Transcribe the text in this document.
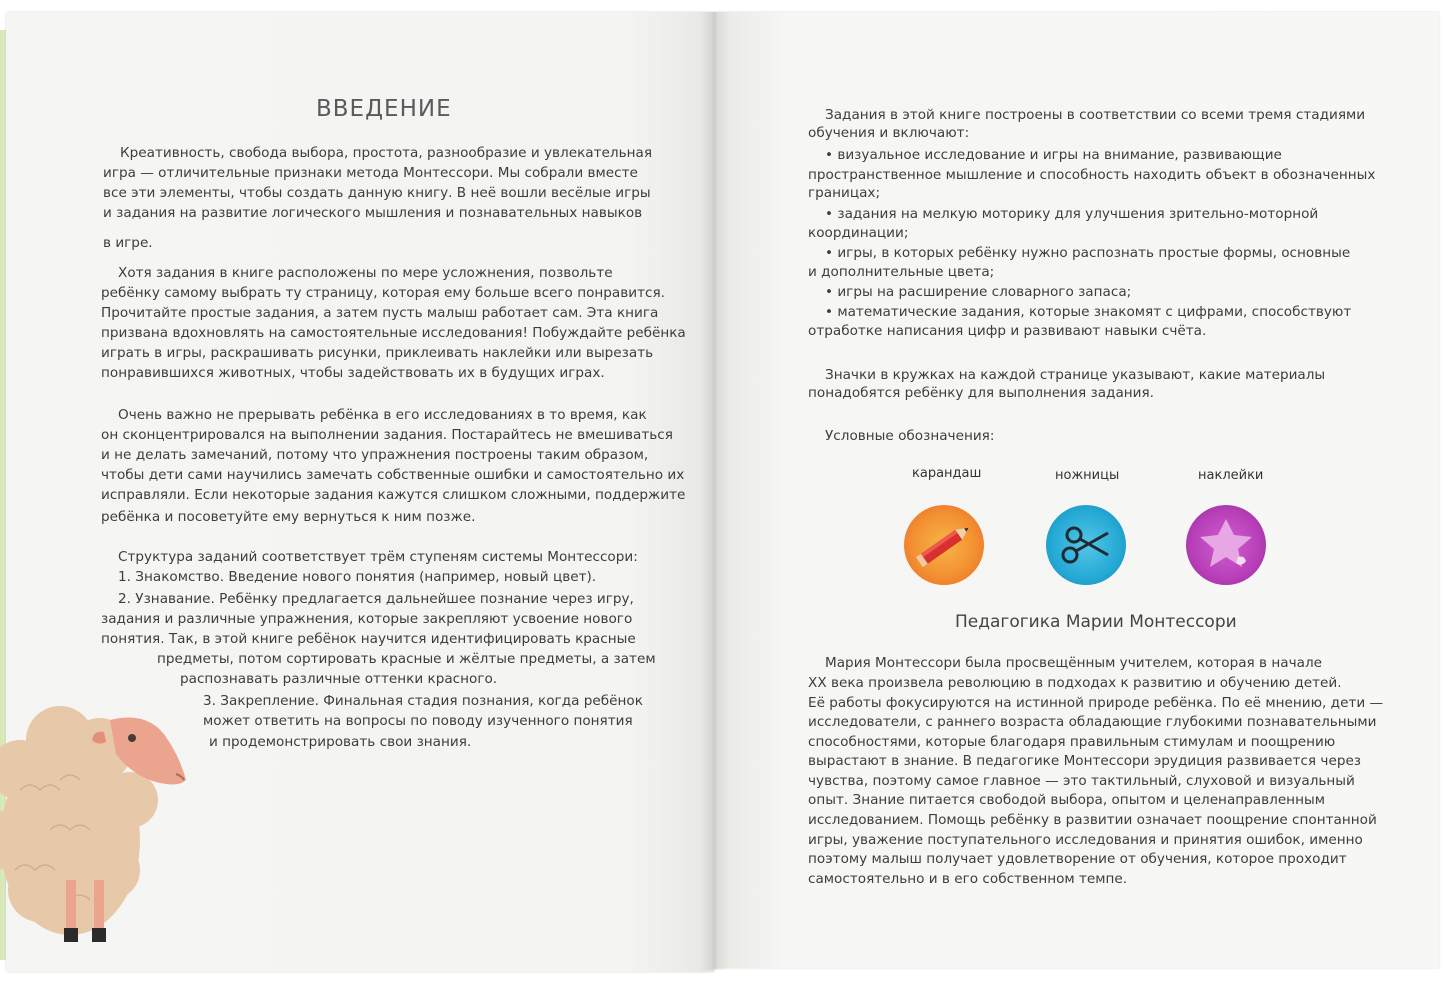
ВВЕДЕНИЕ
Креативность, свобода выбора, простота, разнообразие и увлекательная
игра — отличительные признаки метода Монтессори. Мы собрали вместе
все эти элементы, чтобы создать данную книгу. В неё вошли весёлые игры
и задания на развитие логического мышления и познавательных навыков
в игре.
Хотя задания в книге расположены по мере усложнения, позвольте
ребёнку самому выбрать ту страницу, которая ему больше всего понравится.
Прочитайте простые задания, а затем пусть малыш работает сам. Эта книга
призвана вдохновлять на самостоятельные исследования! Побуждайте ребёнка
играть в игры, раскрашивать рисунки, приклеивать наклейки или вырезать
понравившихся животных, чтобы задействовать их в будущих играх.
Очень важно не прерывать ребёнка в его исследованиях в то время, как
он сконцентрировался на выполнении задания. Постарайтесь не вмешиваться
и не делать замечаний, потому что упражнения построены таким образом,
чтобы дети сами научились замечать собственные ошибки и самостоятельно их
исправляли. Если некоторые задания кажутся слишком сложными, поддержите
ребёнка и посоветуйте ему вернуться к ним позже.
Структура заданий соответствует трём ступеням системы Монтессори:
1. Знакомство. Введение нового понятия (например, новый цвет).
2. Узнавание. Ребёнку предлагается дальнейшее познание через игру,
задания и различные упражнения, которые закрепляют усвоение нового
понятия. Так, в этой книге ребёнок научится идентифицировать красные
предметы, потом сортировать красные и жёлтые предметы, а затем
распознавать различные оттенки красного.
3. Закрепление. Финальная стадия познания, когда ребёнок
может ответить на вопросы по поводу изученного понятия
и продемонстрировать свои знания.
Задания в этой книге построены в соответствии со всеми тремя стадиями
обучения и включают:
• визуальное исследование и игры на внимание, развивающие
пространственное мышление и способность находить объект в обозначенных
границах;
• задания на мелкую моторику для улучшения зрительно-моторной
координации;
• игры, в которых ребёнку нужно распознать простые формы, основные
и дополнительные цвета;
• игры на расширение словарного запаса;
• математические задания, которые знакомят с цифрами, способствуют
отработке написания цифр и развивают навыки счёта.
Значки в кружках на каждой странице указывают, какие материалы
понадобятся ребёнку для выполнения задания.
Условные обозначения:
карандаш	ножницы	наклейки
Педагогика Марии Монтессори
Мария Монтессори была просвещённым учителем, которая в начале
XX века произвела революцию в подходах к развитию и обучению детей.
Её работы фокусируются на истинной природе ребёнка. По её мнению, дети —
исследователи, с раннего возраста обладающие глубокими познавательными
способностями, которые благодаря правильным стимулам и поощрению
вырастают в знание. В педагогике Монтессори эрудиция развивается через
чувства, поэтому самое главное — это тактильный, слуховой и визуальный
опыт. Знание питается свободой выбора, опытом и целенаправленным
исследованием. Помощь ребёнку в развитии означает поощрение спонтанной
игры, уважение поступательного исследования и принятия ошибок, именно
поэтому малыш получает удовлетворение от обучения, которое проходит
самостоятельно и в его собственном темпе.
